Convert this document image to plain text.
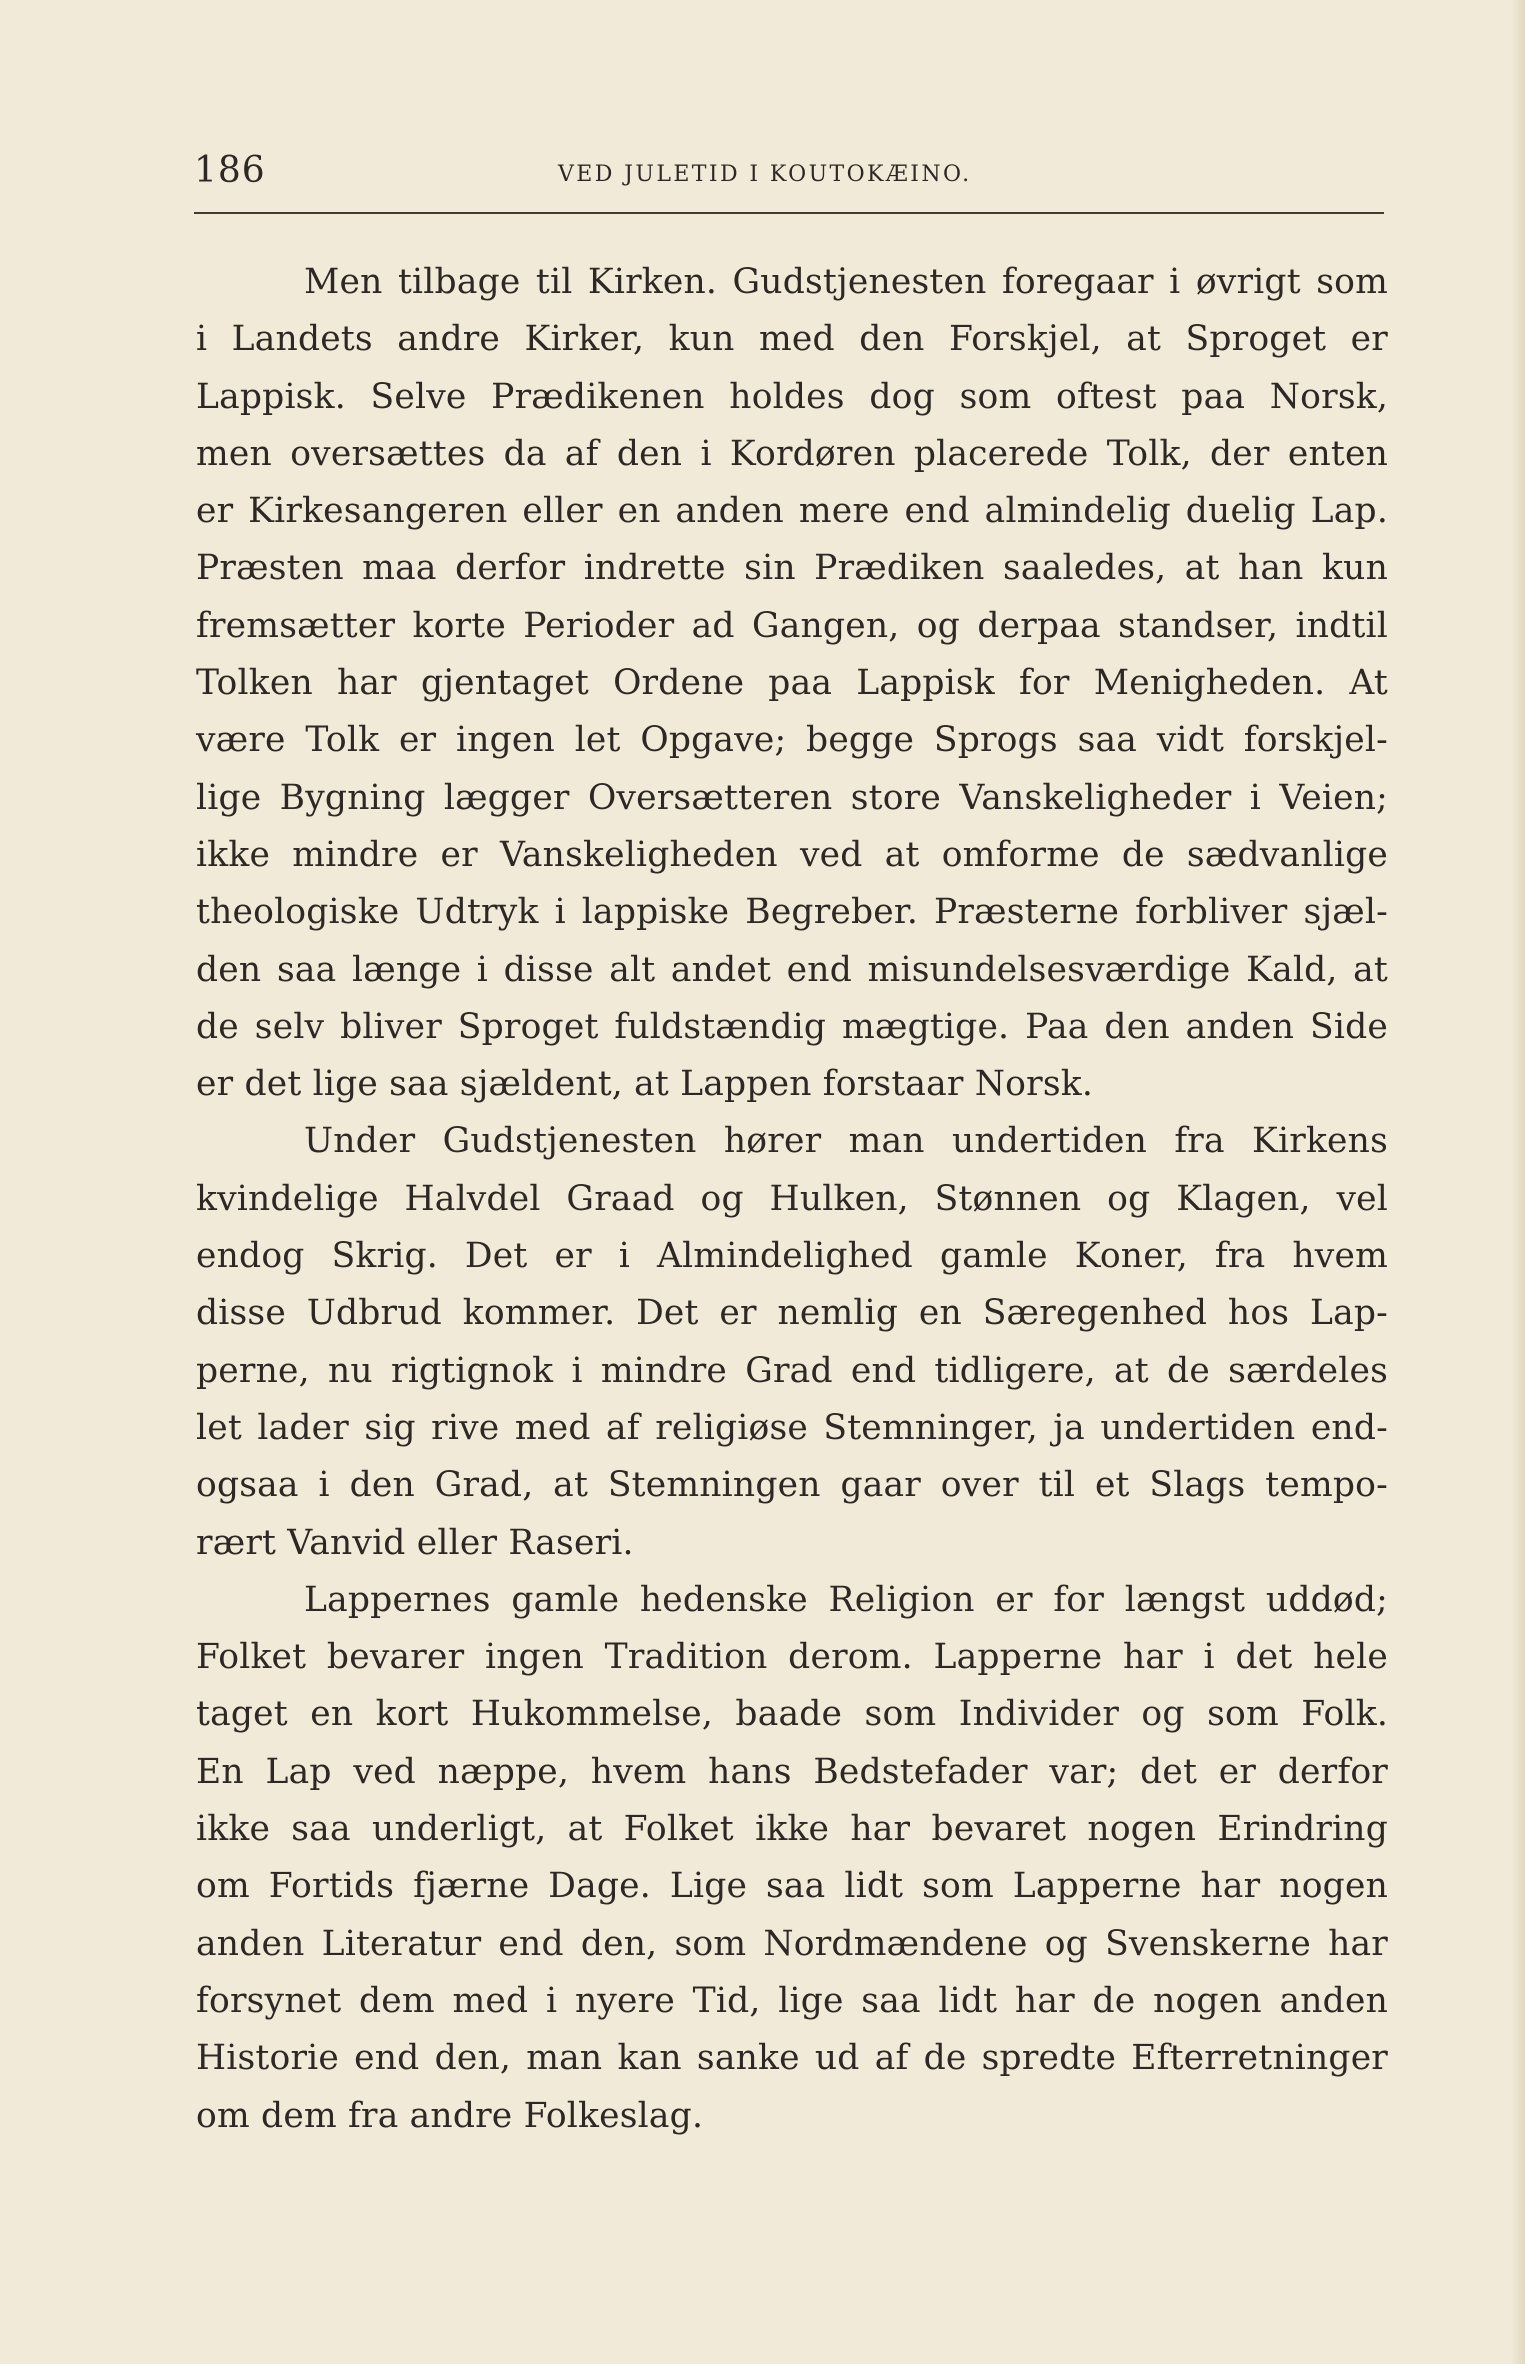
186	VED JULETID I KOUTOKÆINO.
Men tilbage til Kirken. Gudstjenesten foregaar i øvrigt som
i Landets andre Kirker, kun med den Forskjel, at Sproget er
Lappisk. Selve Prædikenen holdes dog som oftest paa Norsk,
men oversættes da af den i Kordøren placerede Tolk, der enten
er Kirkesangeren eller en anden mere end almindelig duelig Lap.
Præsten maa derfor indrette sin Prædiken saaledes, at han kun
fremsætter korte Perioder ad Gangen, og derpaa standser, indtil
Tolken har gjentaget Ordene paa Lappisk for Menigheden. At
være Tolk er ingen let Opgave; begge Sprogs saa vidt forskjel-
lige Bygning lægger Oversætteren store Vanskeligheder i Veien;
ikke mindre er Vanskeligheden ved at omforme de sædvanlige
theologiske Udtryk i lappiske Begreber. Præsterne forbliver sjæl-
den saa længe i disse alt andet end misundelsesværdige Kald, at
de selv bliver Sproget fuldstændig mægtige. Paa den anden Side
er det lige saa sjældent, at Lappen forstaar Norsk.
Under Gudstjenesten hører man undertiden fra Kirkens
kvindelige Halvdel Graad og Hulken, Stønnen og Klagen, vel
endog Skrig. Det er i Almindelighed gamle Koner, fra hvem
disse Udbrud kommer. Det er nemlig en Særegenhed hos Lap-
perne, nu rigtignok i mindre Grad end tidligere, at de særdeles
let lader sig rive med af religiøse Stemninger, ja undertiden end-
ogsaa i den Grad, at Stemningen gaar over til et Slags tempo-
rært Vanvid eller Raseri.
Lappernes gamle hedenske Religion er for længst uddød;
Folket bevarer ingen Tradition derom. Lapperne har i det hele
taget en kort Hukommelse, baade som Individer og som Folk.
En Lap ved næppe, hvem hans Bedstefader var; det er derfor
ikke saa underligt, at Folket ikke har bevaret nogen Erindring
om Fortids fjærne Dage. Lige saa lidt som Lapperne har nogen
anden Literatur end den, som Nordmændene og Svenskerne har
forsynet dem med i nyere Tid, lige saa lidt har de nogen anden
Historie end den, man kan sanke ud af de spredte Efterretninger
om dem fra andre Folkeslag.
